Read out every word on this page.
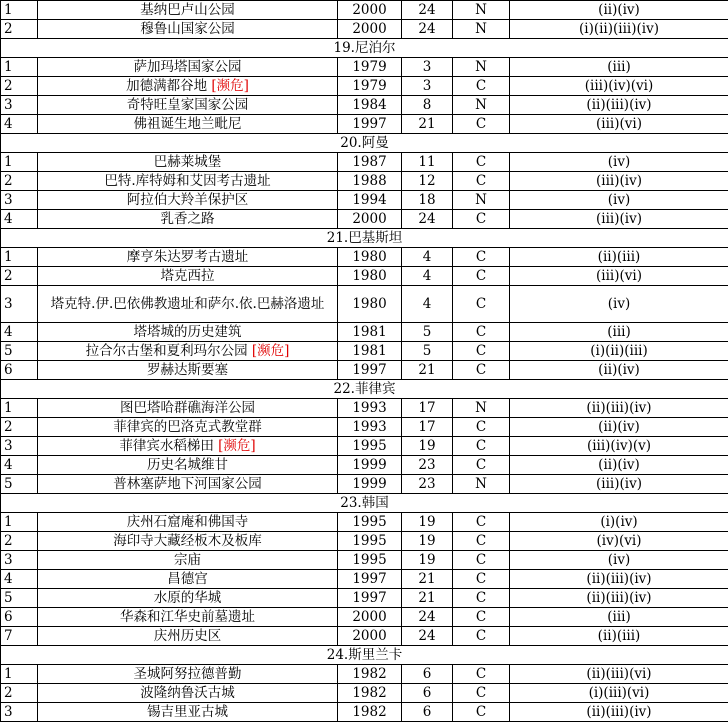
1	基纳巴卢山公园	2000	24	N	(ii)(iv)
2	穆鲁山国家公园	2000	24	N	(i)(ii)(iii)(iv)
19.尼泊尔					
1	萨加玛塔国家公园	1979	3	N	(iii)
2	加德满都谷地 [濒危]	1979	3	C	(iii)(iv)(vi)
3	奇特旺皇家国家公园	1984	8	N	(ii)(iii)(iv)
4	佛祖诞生地兰毗尼	1997	21	C	(iii)(vi)
20.阿曼					
1	巴赫莱城堡	1987	11	C	(iv)
2	巴特.库特姆和艾因考古遗址	1988	12	C	(iii)(iv)
3	阿拉伯大羚羊保护区	1994	18	N	(iv)
4	乳香之路	2000	24	C	(iii)(iv)
21.巴基斯坦					
1	摩亨朱达罗考古遗址	1980	4	C	(ii)(iii)
2	塔克西拉	1980	4	C	(iii)(vi)
3	塔克特.伊.巴依佛教遗址和萨尔.依.巴赫洛遗址	1980	4	C	(iv)
4	塔塔城的历史建筑	1981	5	C	(iii)
5	拉合尔古堡和夏利玛尔公园 [濒危]	1981	5	C	(i)(ii)(iii)
6	罗赫达斯要塞	1997	21	C	(ii)(iv)
22.菲律宾					
1	图巴塔哈群礁海洋公园	1993	17	N	(ii)(iii)(iv)
2	菲律宾的巴洛克式教堂群	1993	17	C	(ii)(iv)
3	菲律宾水稻梯田 [濒危]	1995	19	C	(iii)(iv)(v)
4	历史名城维甘	1999	23	C	(ii)(iv)
5	普林塞萨地下河国家公园	1999	23	N	(iii)(iv)
23.韩国					
1	庆州石窟庵和佛国寺	1995	19	C	(i)(iv)
2	海印寺大藏经板木及板库	1995	19	C	(iv)(vi)
3	宗庙	1995	19	C	(iv)
4	昌德宫	1997	21	C	(ii)(iii)(iv)
5	水原的华城	1997	21	C	(ii)(iii)(iv)
6	华森和江华史前墓遗址	2000	24	C	(iii)
7	庆州历史区	2000	24	C	(ii)(iii)
24.斯里兰卡					
1	圣城阿努拉德普勤	1982	6	C	(ii)(iii)(vi)
2	波隆纳鲁沃古城	1982	6	C	(i)(iii)(vi)
3	锡吉里亚古城	1982	6	C	(ii)(iii)(iv)
